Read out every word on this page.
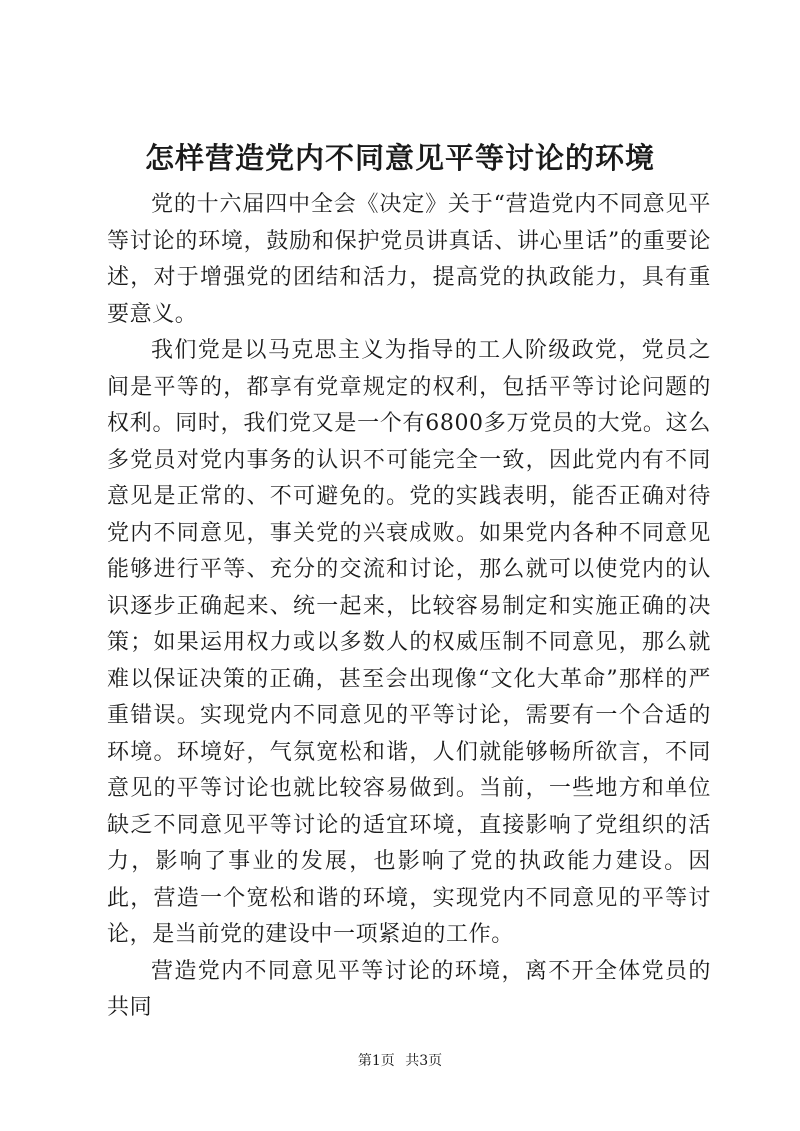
怎样营造党内不同意见平等讨论的环境

党的十六届四中全会《决定》关于“营造党内不同意见平等讨论的环境，鼓励和保护党员讲真话、讲心里话”的重要论述，对于增强党的团结和活力，提高党的执政能力，具有重要意义。

我们党是以马克思主义为指导的工人阶级政党，党员之间是平等的，都享有党章规定的权利，包括平等讨论问题的权利。同时，我们党又是一个有6800多万党员的大党。这么多党员对党内事务的认识不可能完全一致，因此党内有不同意见是正常的、不可避免的。党的实践表明，能否正确对待党内不同意见，事关党的兴衰成败。如果党内各种不同意见能够进行平等、充分的交流和讨论，那么就可以使党内的认识逐步正确起来、统一起来，比较容易制定和实施正确的决策；如果运用权力或以多数人的权威压制不同意见，那么就难以保证决策的正确，甚至会出现像“文化大革命”那样的严重错误。实现党内不同意见的平等讨论，需要有一个合适的环境。环境好，气氛宽松和谐，人们就能够畅所欲言，不同意见的平等讨论也就比较容易做到。当前，一些地方和单位缺乏不同意见平等讨论的适宜环境，直接影响了党组织的活力，影响了事业的发展，也影响了党的执政能力建设。因此，营造一个宽松和谐的环境，实现党内不同意见的平等讨论，是当前党的建设中一项紧迫的工作。

营造党内不同意见平等讨论的环境，离不开全体党员的共同

第1页 共3页
